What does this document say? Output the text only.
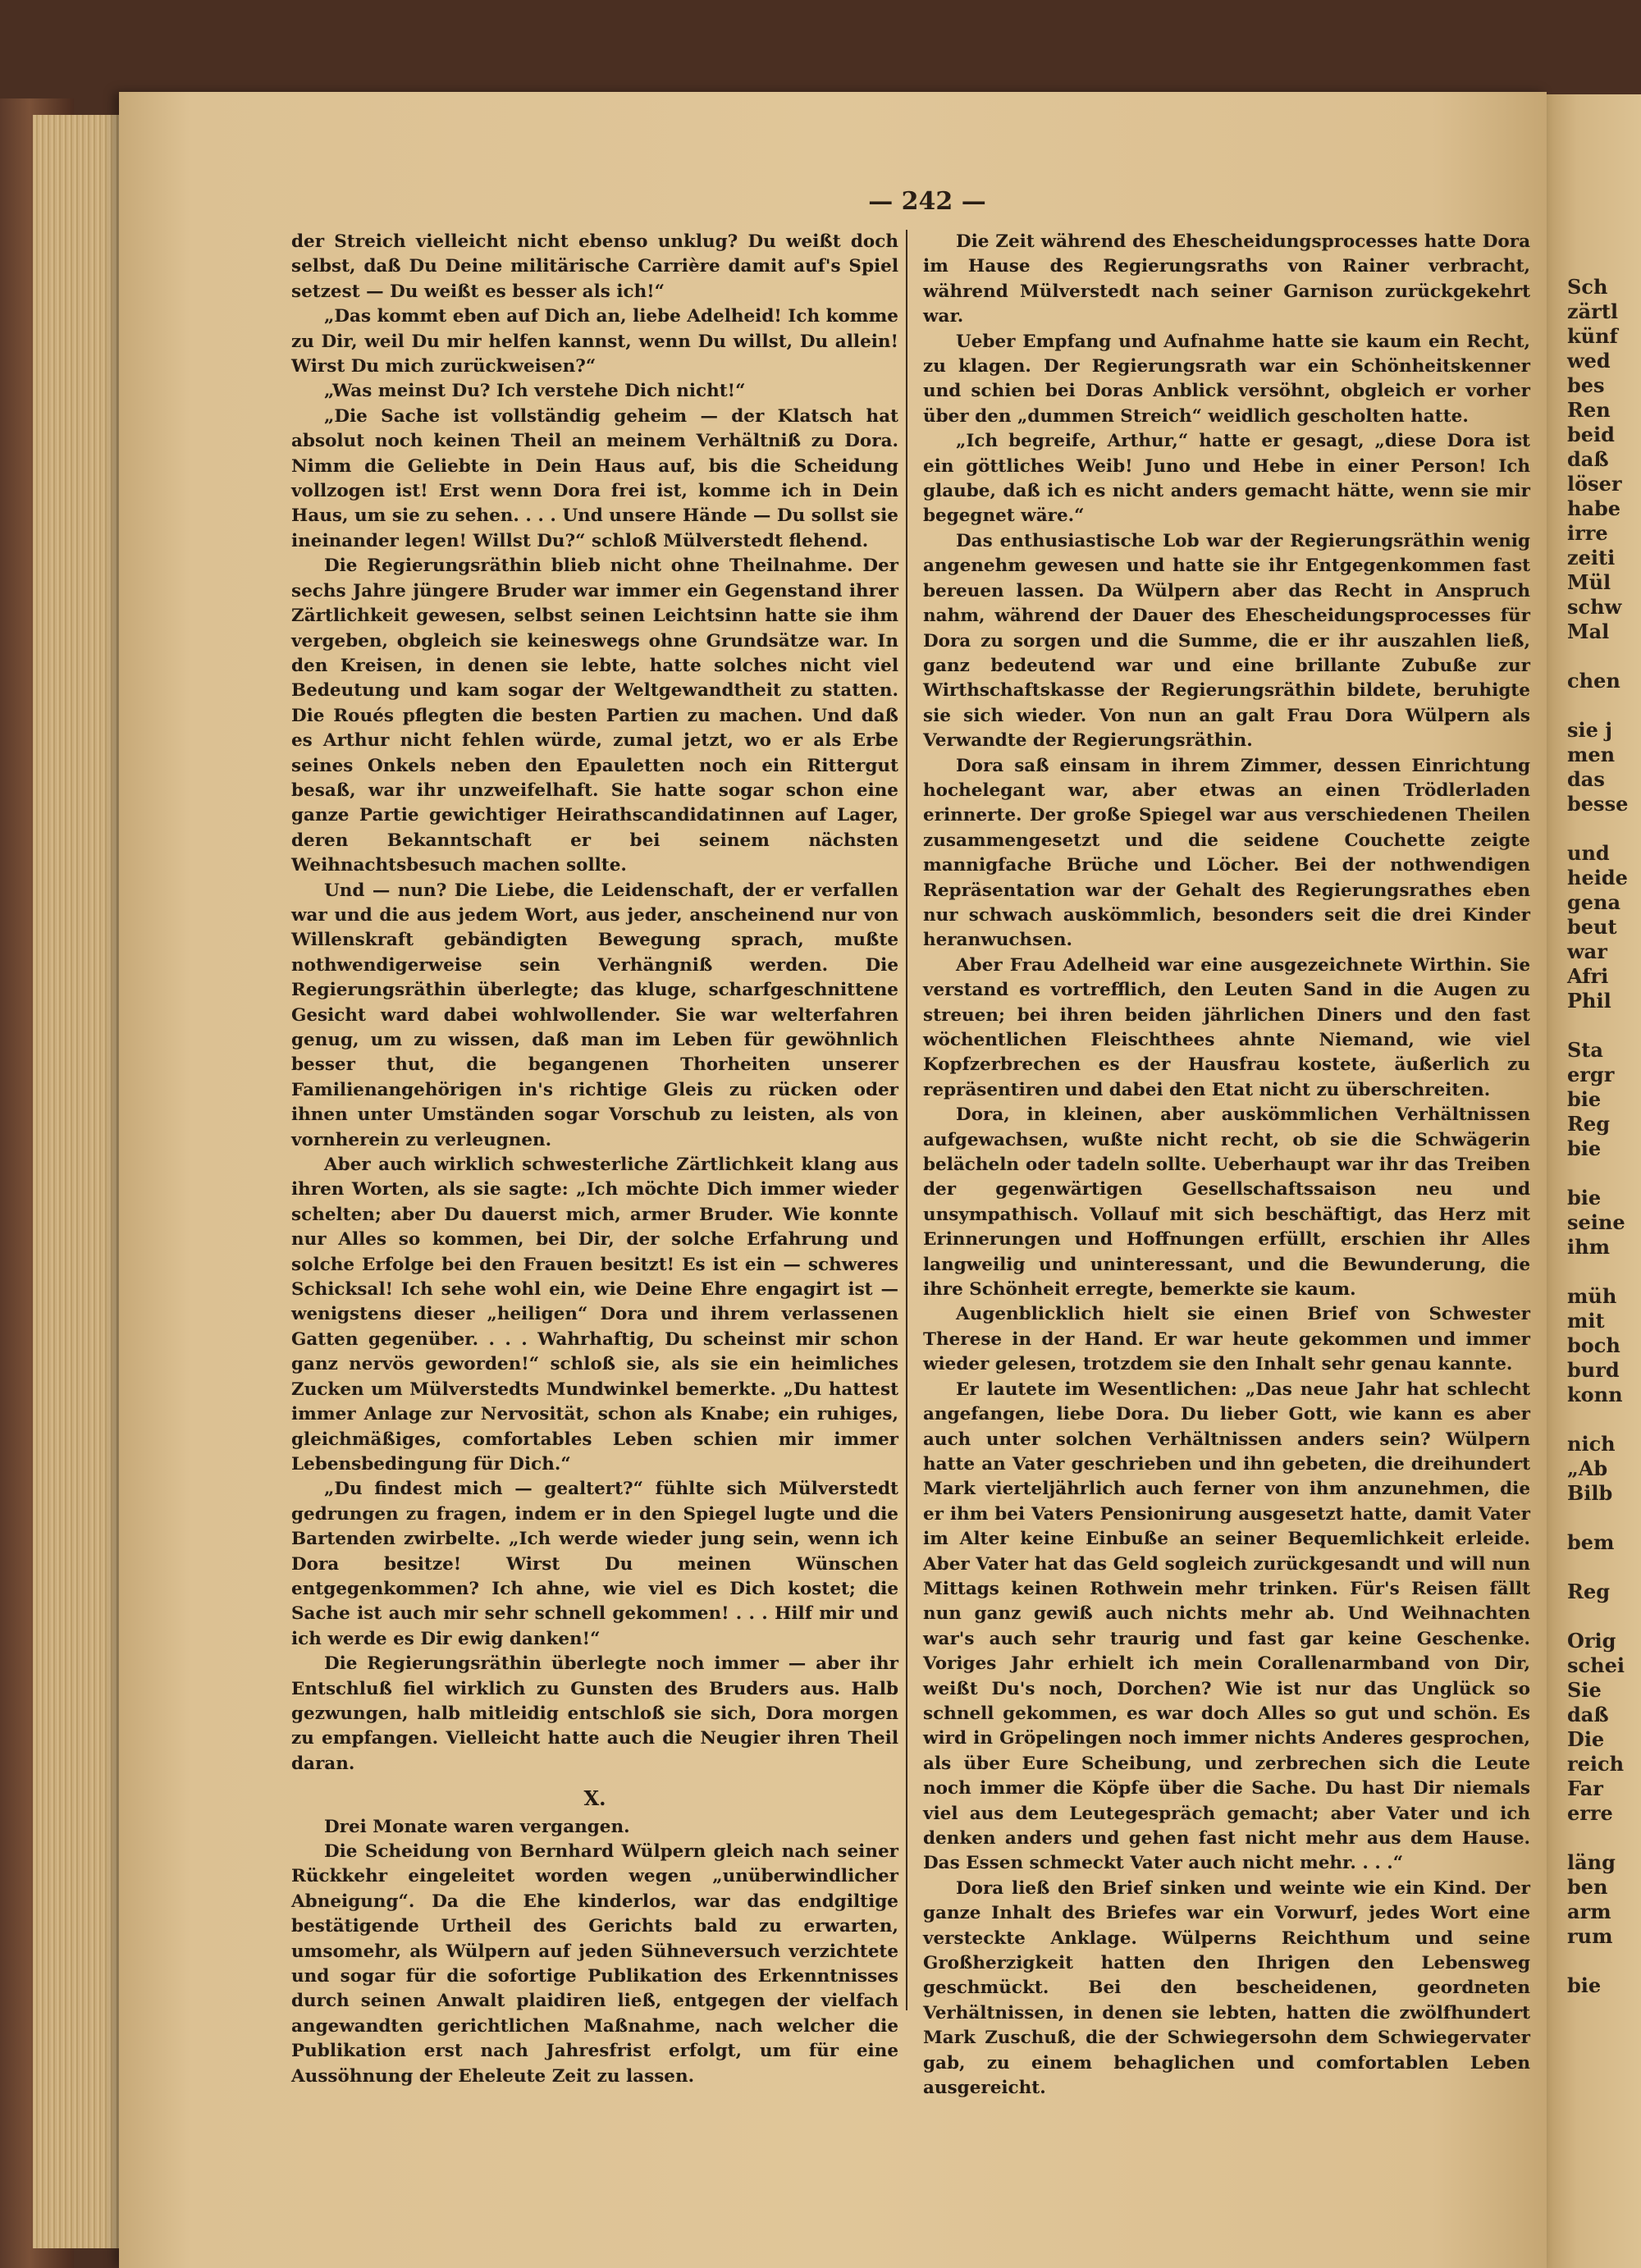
Sch
zärtl
künf
wed
bes
Ren
beid
daß
löser
habe
irre
zeiti
Mül
schw
Mal

chen

sie j
men
das
besse

und
heide
gena
beut
war
Afri
Phil

Sta
ergr
bie
Reg
bie

bie
seine
ihm

müh
mit
boch
burd
konn

nich
„Ab
Bilb

bem

Reg

Orig
schei
Sie
daß
Die
reich
Far
erre

läng
ben
arm
rum

bie
— 242 —

der Streich vielleicht nicht ebenso unklug? Du weißt doch selbst, daß Du Deine militärische Carrière damit auf's Spiel setzest — Du weißt es besser als ich!“

„Das kommt eben auf Dich an, liebe Adelheid! Ich komme zu Dir, weil Du mir helfen kannst, wenn Du willst, Du allein! Wirst Du mich zurückweisen?“

„Was meinst Du? Ich verstehe Dich nicht!“

„Die Sache ist vollständig geheim — der Klatsch hat absolut noch keinen Theil an meinem Verhältniß zu Dora. Nimm die Geliebte in Dein Haus auf, bis die Scheidung vollzogen ist! Erst wenn Dora frei ist, komme ich in Dein Haus, um sie zu sehen. . . . Und unsere Hände — Du sollst sie ineinander legen! Willst Du?“ schloß Mülverstedt flehend.

Die Regierungsräthin blieb nicht ohne Theilnahme. Der sechs Jahre jüngere Bruder war immer ein Gegenstand ihrer Zärtlichkeit gewesen, selbst seinen Leichtsinn hatte sie ihm vergeben, obgleich sie keineswegs ohne Grundsätze war. In den Kreisen, in denen sie lebte, hatte solches nicht viel Bedeutung und kam sogar der Weltgewandtheit zu statten. Die Roués pflegten die besten Partien zu machen. Und daß es Arthur nicht fehlen würde, zumal jetzt, wo er als Erbe seines Onkels neben den Epauletten noch ein Rittergut besaß, war ihr unzweifelhaft. Sie hatte sogar schon eine ganze Partie gewichtiger Heirathscandidatinnen auf Lager, deren Bekanntschaft er bei seinem nächsten Weihnachtsbesuch machen sollte.

Und — nun? Die Liebe, die Leidenschaft, der er verfallen war und die aus jedem Wort, aus jeder, anscheinend nur von Willenskraft gebändigten Bewegung sprach, mußte nothwendigerweise sein Verhängniß werden. Die Regierungsräthin überlegte; das kluge, scharfgeschnittene Gesicht ward dabei wohlwollender. Sie war welterfahren genug, um zu wissen, daß man im Leben für gewöhnlich besser thut, die begangenen Thorheiten unserer Familienangehörigen in's richtige Gleis zu rücken oder ihnen unter Umständen sogar Vorschub zu leisten, als von vornherein zu verleugnen.

Aber auch wirklich schwesterliche Zärtlichkeit klang aus ihren Worten, als sie sagte: „Ich möchte Dich immer wieder schelten; aber Du dauerst mich, armer Bruder. Wie konnte nur Alles so kommen, bei Dir, der solche Erfahrung und solche Erfolge bei den Frauen besitzt! Es ist ein — schweres Schicksal! Ich sehe wohl ein, wie Deine Ehre engagirt ist — wenigstens dieser „heiligen“ Dora und ihrem verlassenen Gatten gegenüber. . . . Wahrhaftig, Du scheinst mir schon ganz nervös geworden!“ schloß sie, als sie ein heimliches Zucken um Mülverstedts Mundwinkel bemerkte. „Du hattest immer Anlage zur Nervosität, schon als Knabe; ein ruhiges, gleichmäßiges, comfortables Leben schien mir immer Lebensbedingung für Dich.“

„Du findest mich — gealtert?“ fühlte sich Mülverstedt gedrungen zu fragen, indem er in den Spiegel lugte und die Bartenden zwirbelte. „Ich werde wieder jung sein, wenn ich Dora besitze! Wirst Du meinen Wünschen entgegenkommen? Ich ahne, wie viel es Dich kostet; die Sache ist auch mir sehr schnell gekommen! . . . Hilf mir und ich werde es Dir ewig danken!“

Die Regierungsräthin überlegte noch immer — aber ihr Entschluß fiel wirklich zu Gunsten des Bruders aus. Halb gezwungen, halb mitleidig entschloß sie sich, Dora morgen zu empfangen. Vielleicht hatte auch die Neugier ihren Theil daran.

X.

Drei Monate waren vergangen.

Die Scheidung von Bernhard Wülpern gleich nach seiner Rückkehr eingeleitet worden wegen „unüberwindlicher Abneigung“. Da die Ehe kinderlos, war das endgiltige bestätigende Urtheil des Gerichts bald zu erwarten, umsomehr, als Wülpern auf jeden Sühneversuch verzichtete und sogar für die sofortige Publikation des Erkenntnisses durch seinen Anwalt plaidiren ließ, entgegen der vielfach angewandten gerichtlichen Maßnahme, nach welcher die Publikation erst nach Jahresfrist erfolgt, um für eine Aussöhnung der Eheleute Zeit zu lassen.

Die Zeit während des Ehescheidungsprocesses hatte Dora im Hause des Regierungsraths von Rainer verbracht, während Mülverstedt nach seiner Garnison zurückgekehrt war.

Ueber Empfang und Aufnahme hatte sie kaum ein Recht, zu klagen. Der Regierungsrath war ein Schönheitskenner und schien bei Doras Anblick versöhnt, obgleich er vorher über den „dummen Streich“ weidlich gescholten hatte.

„Ich begreife, Arthur,“ hatte er gesagt, „diese Dora ist ein göttliches Weib! Juno und Hebe in einer Person! Ich glaube, daß ich es nicht anders gemacht hätte, wenn sie mir begegnet wäre.“

Das enthusiastische Lob war der Regierungsräthin wenig angenehm gewesen und hatte sie ihr Entgegenkommen fast bereuen lassen. Da Wülpern aber das Recht in Anspruch nahm, während der Dauer des Ehescheidungsprocesses für Dora zu sorgen und die Summe, die er ihr auszahlen ließ, ganz bedeutend war und eine brillante Zubuße zur Wirthschaftskasse der Regierungsräthin bildete, beruhigte sie sich wieder. Von nun an galt Frau Dora Wülpern als Verwandte der Regierungsräthin.

Dora saß einsam in ihrem Zimmer, dessen Einrichtung hochelegant war, aber etwas an einen Trödlerladen erinnerte. Der große Spiegel war aus verschiedenen Theilen zusammengesetzt und die seidene Couchette zeigte mannigfache Brüche und Löcher. Bei der nothwendigen Repräsentation war der Gehalt des Regierungsrathes eben nur schwach auskömmlich, besonders seit die drei Kinder heranwuchsen.

Aber Frau Adelheid war eine ausgezeichnete Wirthin. Sie verstand es vortrefflich, den Leuten Sand in die Augen zu streuen; bei ihren beiden jährlichen Diners und den fast wöchentlichen Fleischthees ahnte Niemand, wie viel Kopfzerbrechen es der Hausfrau kostete, äußerlich zu repräsentiren und dabei den Etat nicht zu überschreiten.

Dora, in kleinen, aber auskömmlichen Verhältnissen aufgewachsen, wußte nicht recht, ob sie die Schwägerin belächeln oder tadeln sollte. Ueberhaupt war ihr das Treiben der gegenwärtigen Gesellschaftssaison neu und unsympathisch. Vollauf mit sich beschäftigt, das Herz mit Erinnerungen und Hoffnungen erfüllt, erschien ihr Alles langweilig und uninteressant, und die Bewunderung, die ihre Schönheit erregte, bemerkte sie kaum.

Augenblicklich hielt sie einen Brief von Schwester Therese in der Hand. Er war heute gekommen und immer wieder gelesen, trotzdem sie den Inhalt sehr genau kannte.

Er lautete im Wesentlichen: „Das neue Jahr hat schlecht angefangen, liebe Dora. Du lieber Gott, wie kann es aber auch unter solchen Verhältnissen anders sein? Wülpern hatte an Vater geschrieben und ihn gebeten, die dreihundert Mark vierteljährlich auch ferner von ihm anzunehmen, die er ihm bei Vaters Pensionirung ausgesetzt hatte, damit Vater im Alter keine Einbuße an seiner Bequemlichkeit erleide. Aber Vater hat das Geld sogleich zurückgesandt und will nun Mittags keinen Rothwein mehr trinken. Für's Reisen fällt nun ganz gewiß auch nichts mehr ab. Und Weihnachten war's auch sehr traurig und fast gar keine Geschenke. Voriges Jahr erhielt ich mein Corallenarmband von Dir, weißt Du's noch, Dorchen? Wie ist nur das Unglück so schnell gekommen, es war doch Alles so gut und schön. Es wird in Gröpelingen noch immer nichts Anderes gesprochen, als über Eure Scheibung, und zerbrechen sich die Leute noch immer die Köpfe über die Sache. Du hast Dir niemals viel aus dem Leutegespräch gemacht; aber Vater und ich denken anders und gehen fast nicht mehr aus dem Hause. Das Essen schmeckt Vater auch nicht mehr. . . .“

Dora ließ den Brief sinken und weinte wie ein Kind. Der ganze Inhalt des Briefes war ein Vorwurf, jedes Wort eine versteckte Anklage. Wülperns Reichthum und seine Großherzigkeit hatten den Ihrigen den Lebensweg geschmückt. Bei den bescheidenen, geordneten Verhältnissen, in denen sie lebten, hatten die zwölfhundert Mark Zuschuß, die der Schwiegersohn dem Schwiegervater gab, zu einem behaglichen und comfortablen Leben ausgereicht.
